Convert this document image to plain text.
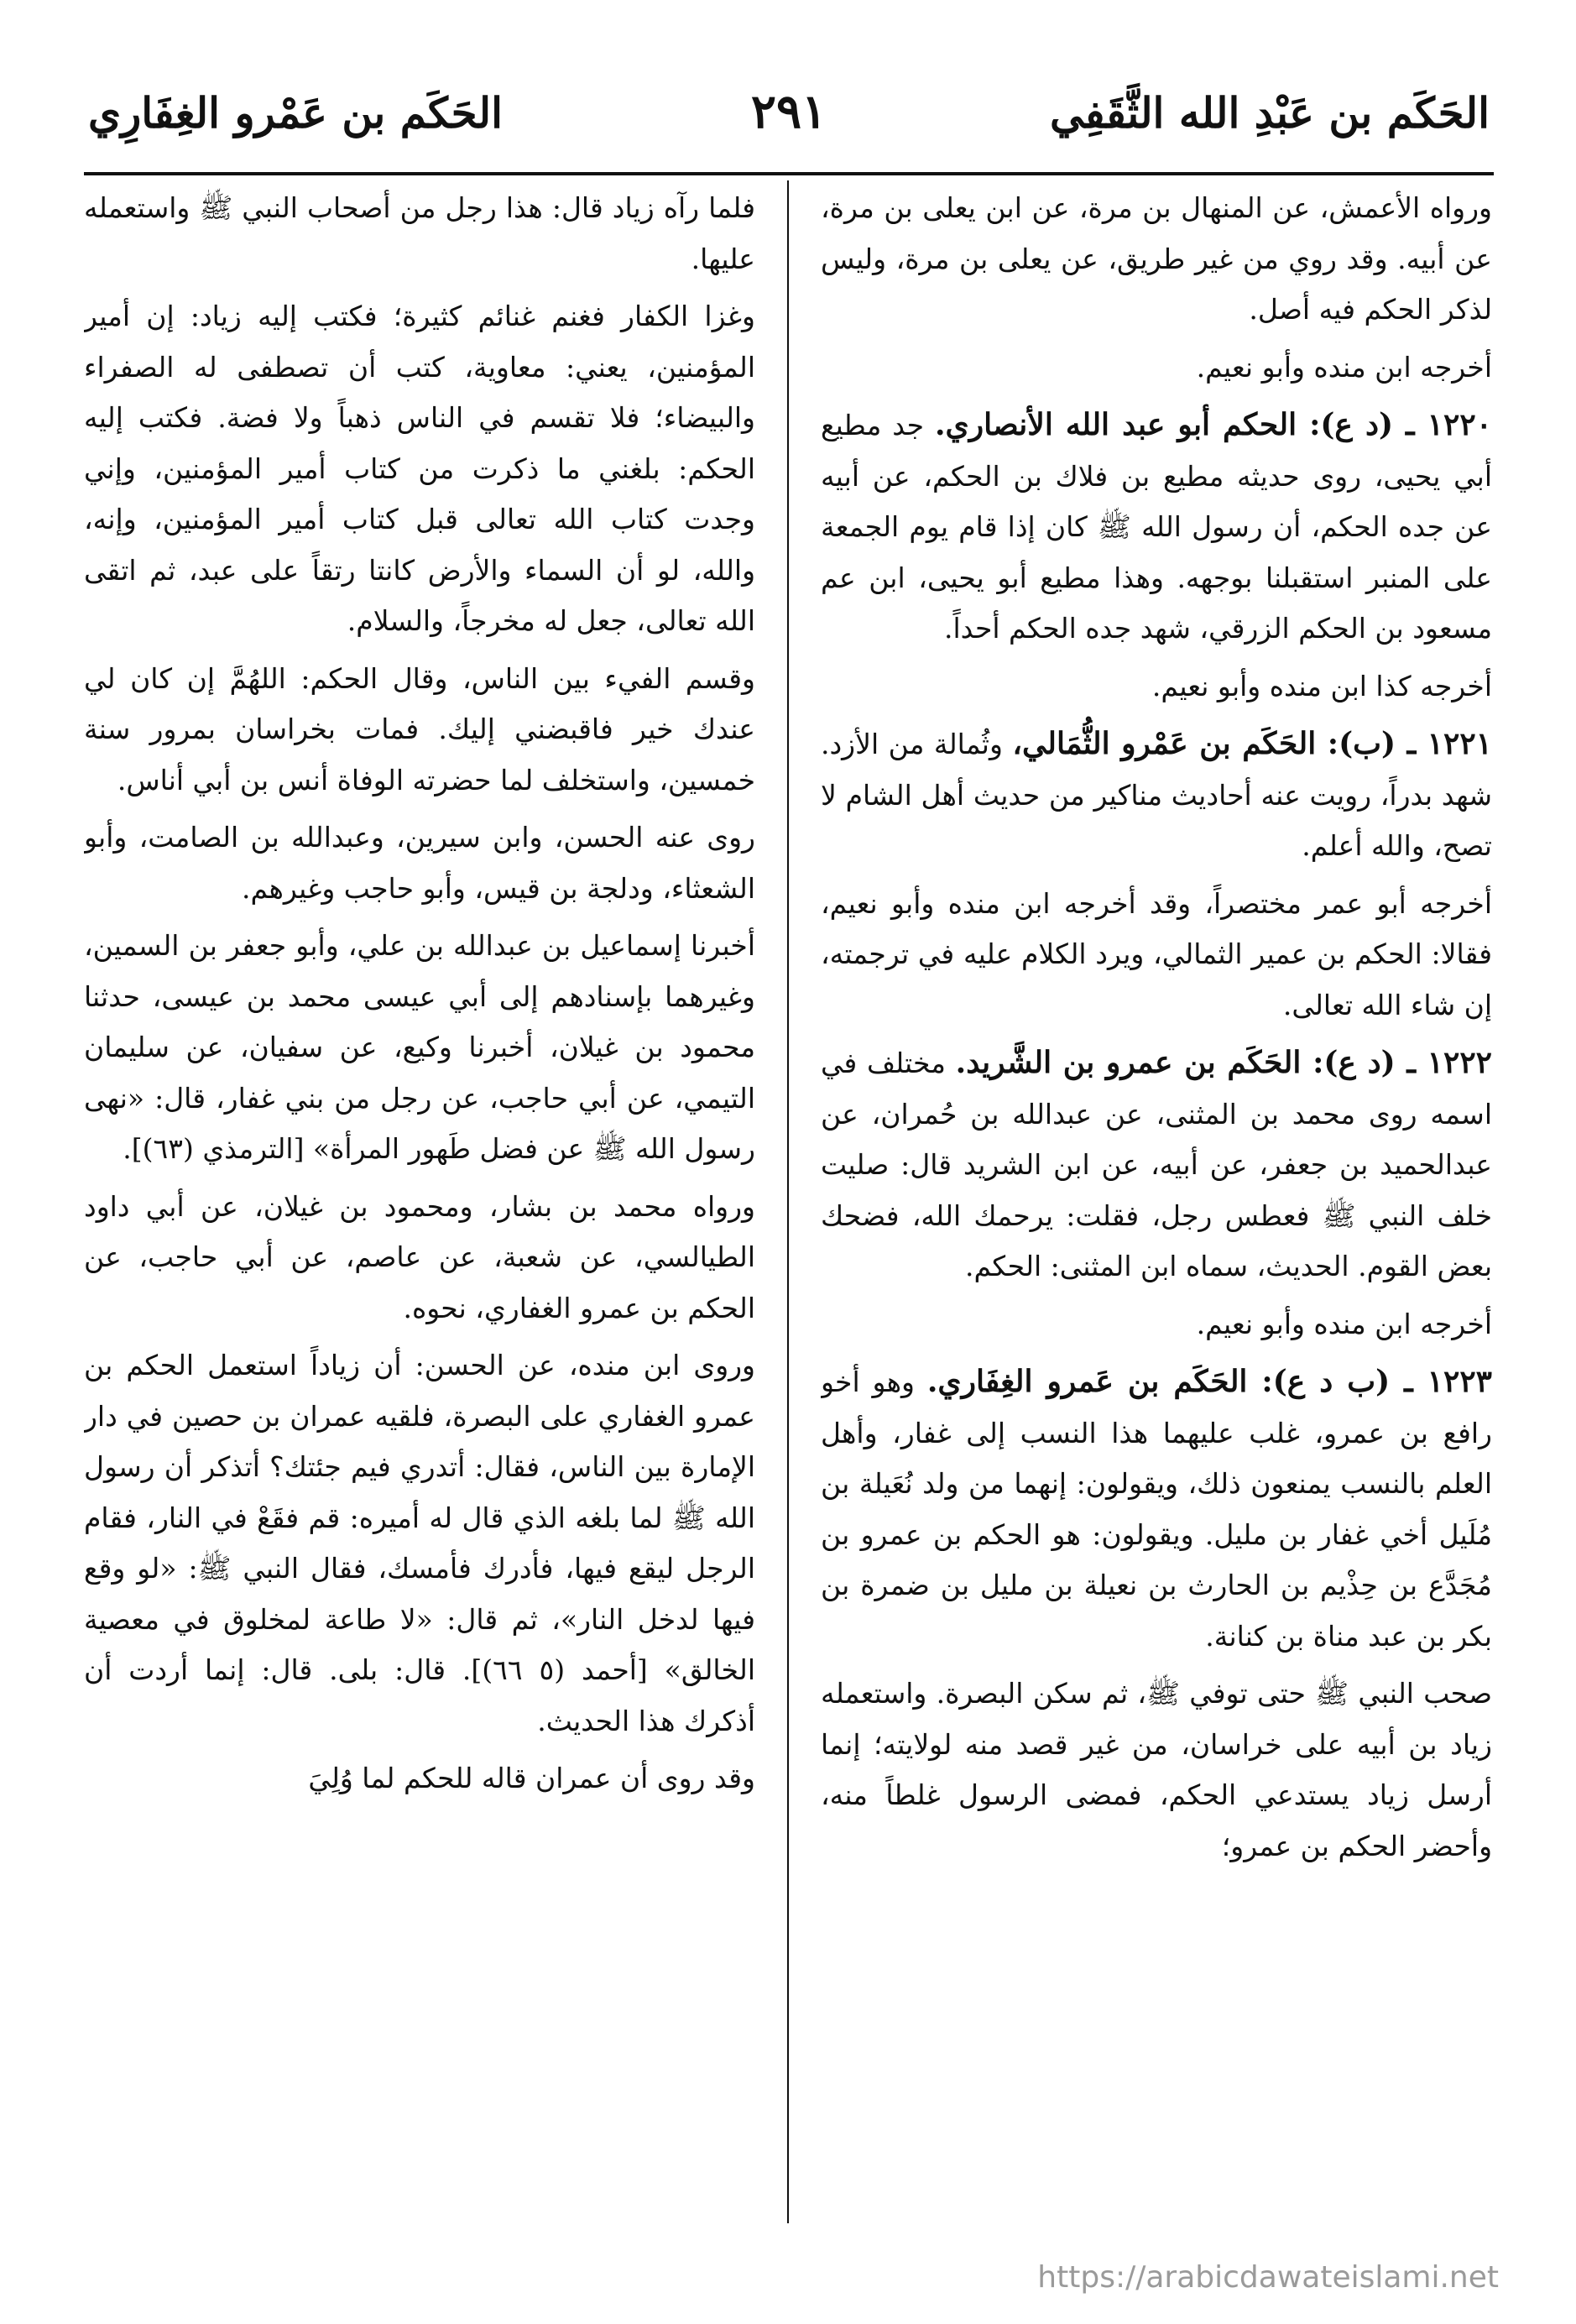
الحَكَم بن عَبْدِ الله الثَّقَفِي
٢٩١
الحَكَم بن عَمْرو الغِفَارِي

ورواه الأعمش، عن المنهال بن مرة، عن ابن يعلى بن مرة، عن أبيه. وقد روي من غير طريق، عن يعلى بن مرة، وليس لذكر الحكم فيه أصل.

أخرجه ابن منده وأبو نعيم.

١٢٢٠ ـ (د ع): الحكم أبو عبد الله الأنصاري. جد مطيع أبي يحيى، روى حديثه مطيع بن فلاك بن الحكم، عن أبيه عن جده الحكم، أن رسول الله ﷺ كان إذا قام يوم الجمعة على المنبر استقبلنا بوجهه. وهذا مطيع أبو يحيى، ابن عم مسعود بن الحكم الزرقي، شهد جده الحكم أحداً.

أخرجه كذا ابن منده وأبو نعيم.

١٢٢١ ـ (ب): الحَكَم بن عَمْرو الثُّمَالي، وثُمالة من الأزد. شهد بدراً، رويت عنه أحاديث مناكير من حديث أهل الشام لا تصح، والله أعلم.

أخرجه أبو عمر مختصراً، وقد أخرجه ابن منده وأبو نعيم، فقالا: الحكم بن عمير الثمالي، ويرد الكلام عليه في ترجمته، إن شاء الله تعالى.

١٢٢٢ ـ (د ع): الحَكَم بن عمرو بن الشَّريد. مختلف في اسمه روى محمد بن المثنى، عن عبدالله بن حُمران، عن عبدالحميد بن جعفر، عن أبيه، عن ابن الشريد قال: صليت خلف النبي ﷺ فعطس رجل، فقلت: يرحمك الله، فضحك بعض القوم. الحديث، سماه ابن المثنى: الحكم.

أخرجه ابن منده وأبو نعيم.

١٢٢٣ ـ (ب د ع): الحَكَم بن عَمرو الغِفَاري. وهو أخو رافع بن عمرو، غلب عليهما هذا النسب إلى غفار، وأهل العلم بالنسب يمنعون ذلك، ويقولون: إنهما من ولد نُعَيلة بن مُلَيل أخي غفار بن مليل. ويقولون: هو الحكم بن عمرو بن مُجَدَّع بن حِذْيم بن الحارث بن نعيلة بن مليل بن ضمرة بن بكر بن عبد مناة بن كنانة.

صحب النبي ﷺ حتى توفي ﷺ، ثم سكن البصرة. واستعمله زياد بن أبيه على خراسان، من غير قصد منه لولايته؛ إنما أرسل زياد يستدعي الحكم، فمضى الرسول غلطاً منه، وأحضر الحكم بن عمرو؛

فلما رآه زياد قال: هذا رجل من أصحاب النبي ﷺ واستعمله عليها.

وغزا الكفار فغنم غنائم كثيرة؛ فكتب إليه زياد: إن أمير المؤمنين، يعني: معاوية، كتب أن تصطفى له الصفراء والبيضاء؛ فلا تقسم في الناس ذهباً ولا فضة. فكتب إليه الحكم: بلغني ما ذكرت من كتاب أمير المؤمنين، وإني وجدت كتاب الله تعالى قبل كتاب أمير المؤمنين، وإنه، والله، لو أن السماء والأرض كانتا رتقاً على عبد، ثم اتقى الله تعالى، جعل له مخرجاً، والسلام.

وقسم الفيء بين الناس، وقال الحكم: اللهُمَّ إن كان لي عندك خير فاقبضني إليك. فمات بخراسان بمرور سنة خمسين، واستخلف لما حضرته الوفاة أنس بن أبي أناس.

روى عنه الحسن، وابن سيرين، وعبدالله بن الصامت، وأبو الشعثاء، ودلجة بن قيس، وأبو حاجب وغيرهم.

أخبرنا إسماعيل بن عبدالله بن علي، وأبو جعفر بن السمين، وغيرهما بإسنادهم إلى أبي عيسى محمد بن عيسى، حدثنا محمود بن غيلان، أخبرنا وكيع، عن سفيان، عن سليمان التيمي، عن أبي حاجب، عن رجل من بني غفار، قال: «نهى رسول الله ﷺ عن فضل طَهور المرأة» [الترمذي (٦٣)].

ورواه محمد بن بشار، ومحمود بن غيلان، عن أبي داود الطيالسي، عن شعبة، عن عاصم، عن أبي حاجب، عن الحكم بن عمرو الغفاري، نحوه.

وروى ابن منده، عن الحسن: أن زياداً استعمل الحكم بن عمرو الغفاري على البصرة، فلقيه عمران بن حصين في دار الإمارة بين الناس، فقال: أتدري فيم جئتك؟ أتذكر أن رسول الله ﷺ لما بلغه الذي قال له أميره: قم فقَعْ في النار، فقام الرجل ليقع فيها، فأدرك فأمسك، فقال النبي ﷺ: «لو وقع فيها لدخل النار»، ثم قال: «لا طاعة لمخلوق في معصية الخالق» [أحمد (٥ ٦٦)]. قال: بلى. قال: إنما أردت أن أذكرك هذا الحديث.

وقد روى أن عمران قاله للحكم لما وُلِيَ

https://arabicdawateislami.net
